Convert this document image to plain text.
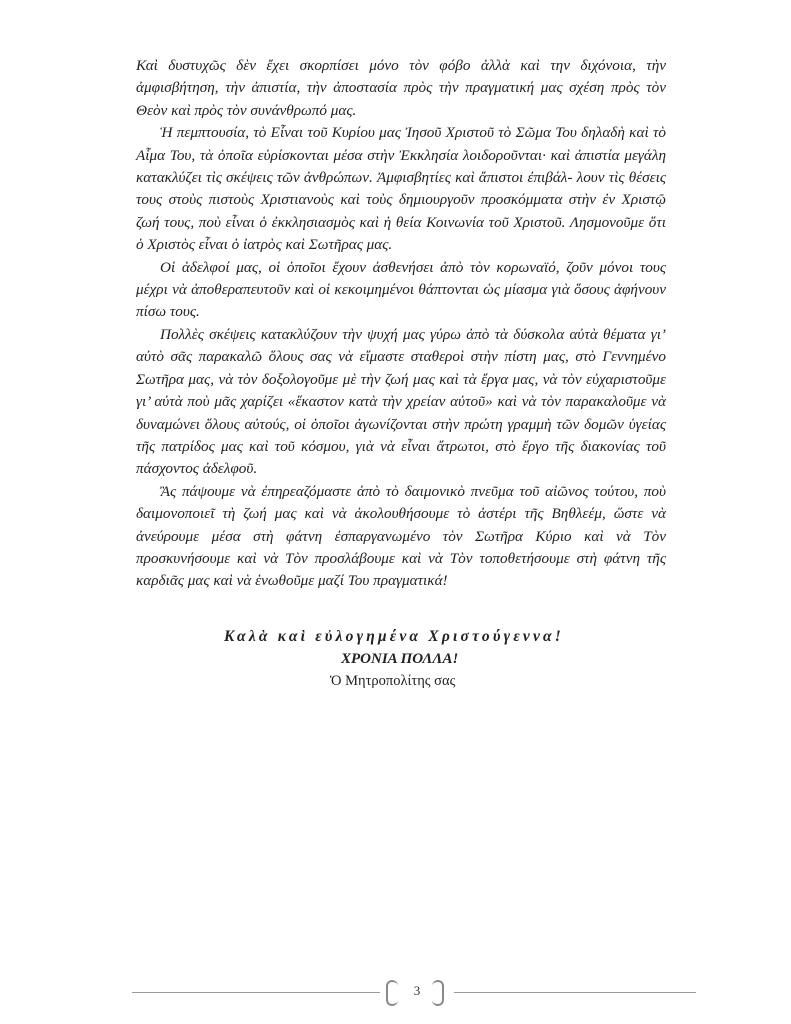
Καὶ δυστυχῶς δὲν ἔχει σκορπίσει μόνο τὸν φόβο ἀλλὰ καὶ την διχόνοια, τὴν ἀμφισβήτηση, τὴν ἀπιστία, τὴν ἀποστασία πρὸς τὴν πραγματική μας σχέση πρὸς τὸν Θεὸν καὶ πρὸς τὸν συνάνθρωπό μας.

Ἡ πεμπτουσία, τὸ Εἶναι τοῦ Κυρίου μας Ἰησοῦ Χριστοῦ τὸ Σῶμα Του δηλαδὴ καὶ τὸ Αἷμα Του, τὰ ὁποῖα εὑρίσκονται μέσα στὴν Ἐκκλησία λοιδοροῦνται· καὶ ἀπιστία μεγάλη κατακλύζει τὶς σκέψεις τῶν ἀνθρώπων. Ἀμφισβητίες καὶ ἄπιστοι ἐπιβάλ- λουν τὶς θέσεις τους στοὺς πιστοὺς Χριστιανοὺς καὶ τοὺς δημιουργοῦν προσκόμματα στὴν ἐν Χριστῷ ζωή τους, ποὺ εἶναι ὁ ἐκκλησιασμὸς καὶ ἡ θεία Κοινωνία τοῦ Χριστοῦ. Λησμονοῦμε ὅτι ὁ Χριστὸς εἶναι ὁ ἰατρὸς καὶ Σωτῆρας μας.

Οἱ ἀδελφοί μας, οἱ ὁποῖοι ἔχουν ἀσθενήσει ἀπὸ τὸν κορωναϊό, ζοῦν μόνοι τους μέχρι νὰ ἀποθεραπευτοῦν καὶ οἱ κεκοιμημένοι θάπτονται ὡς μίασμα γιὰ ὅσους ἀφήνουν πίσω τους.

Πολλὲς σκέψεις κατακλύζουν τὴν ψυχή μας γύρω ἀπὸ τὰ δύσκολα αὐτὰ θέματα γι’ αὐτὸ σᾶς παρακαλῶ ὅλους σας νὰ εἴμαστε σταθεροὶ στὴν πίστη μας, στὸ Γεννημένο Σωτῆρα μας, νὰ τὸν δοξολογοῦμε μὲ τὴν ζωή μας καὶ τὰ ἔργα μας, νὰ τὸν εὐχαριστοῦμε γι’ αὐτὰ ποὺ μᾶς χαρίζει «ἕκαστον κατὰ τὴν χρείαν αὐτοῦ» καὶ νὰ τὸν παρακαλοῦμε νὰ δυναμώνει ὅλους αὐτούς, οἱ ὁποῖοι ἀγωνίζονται στὴν πρώτη γραμμὴ τῶν δομῶν ὑγείας τῆς πατρίδος μας καὶ τοῦ κόσμου, γιὰ νὰ εἶναι ἄτρωτοι, στὸ ἔργο τῆς διακονίας τοῦ πάσχοντος ἀδελφοῦ.

Ἂς πάψουμε νὰ ἐπηρεαζόμαστε ἀπὸ τὸ δαιμονικὸ πνεῦμα τοῦ αἰῶνος τούτου, ποὺ δαιμονοποιεῖ τὴ ζωή μας καὶ νὰ ἀκολουθήσουμε τὸ ἀστέρι τῆς Βηθλεέμ, ὥστε νὰ ἀνεύρουμε μέσα στὴ φάτνη ἐσπαργανωμένο τὸν Σωτῆρα Κύριο καὶ νὰ Τὸν προσκυνήσουμε καὶ νὰ Τὸν προσλάβουμε καὶ νὰ Τὸν τοποθετήσουμε στὴ φάτνη τῆς καρδιᾶς μας καὶ νὰ ἑνωθοῦμε μαζί Του πραγματικά!

Καλὰ καὶ εὐλογημένα Χριστούγεννα!
ΧΡΟΝΙΑ ΠΟΛΛΑ!
Ὁ Μητροπολίτης σας
3
